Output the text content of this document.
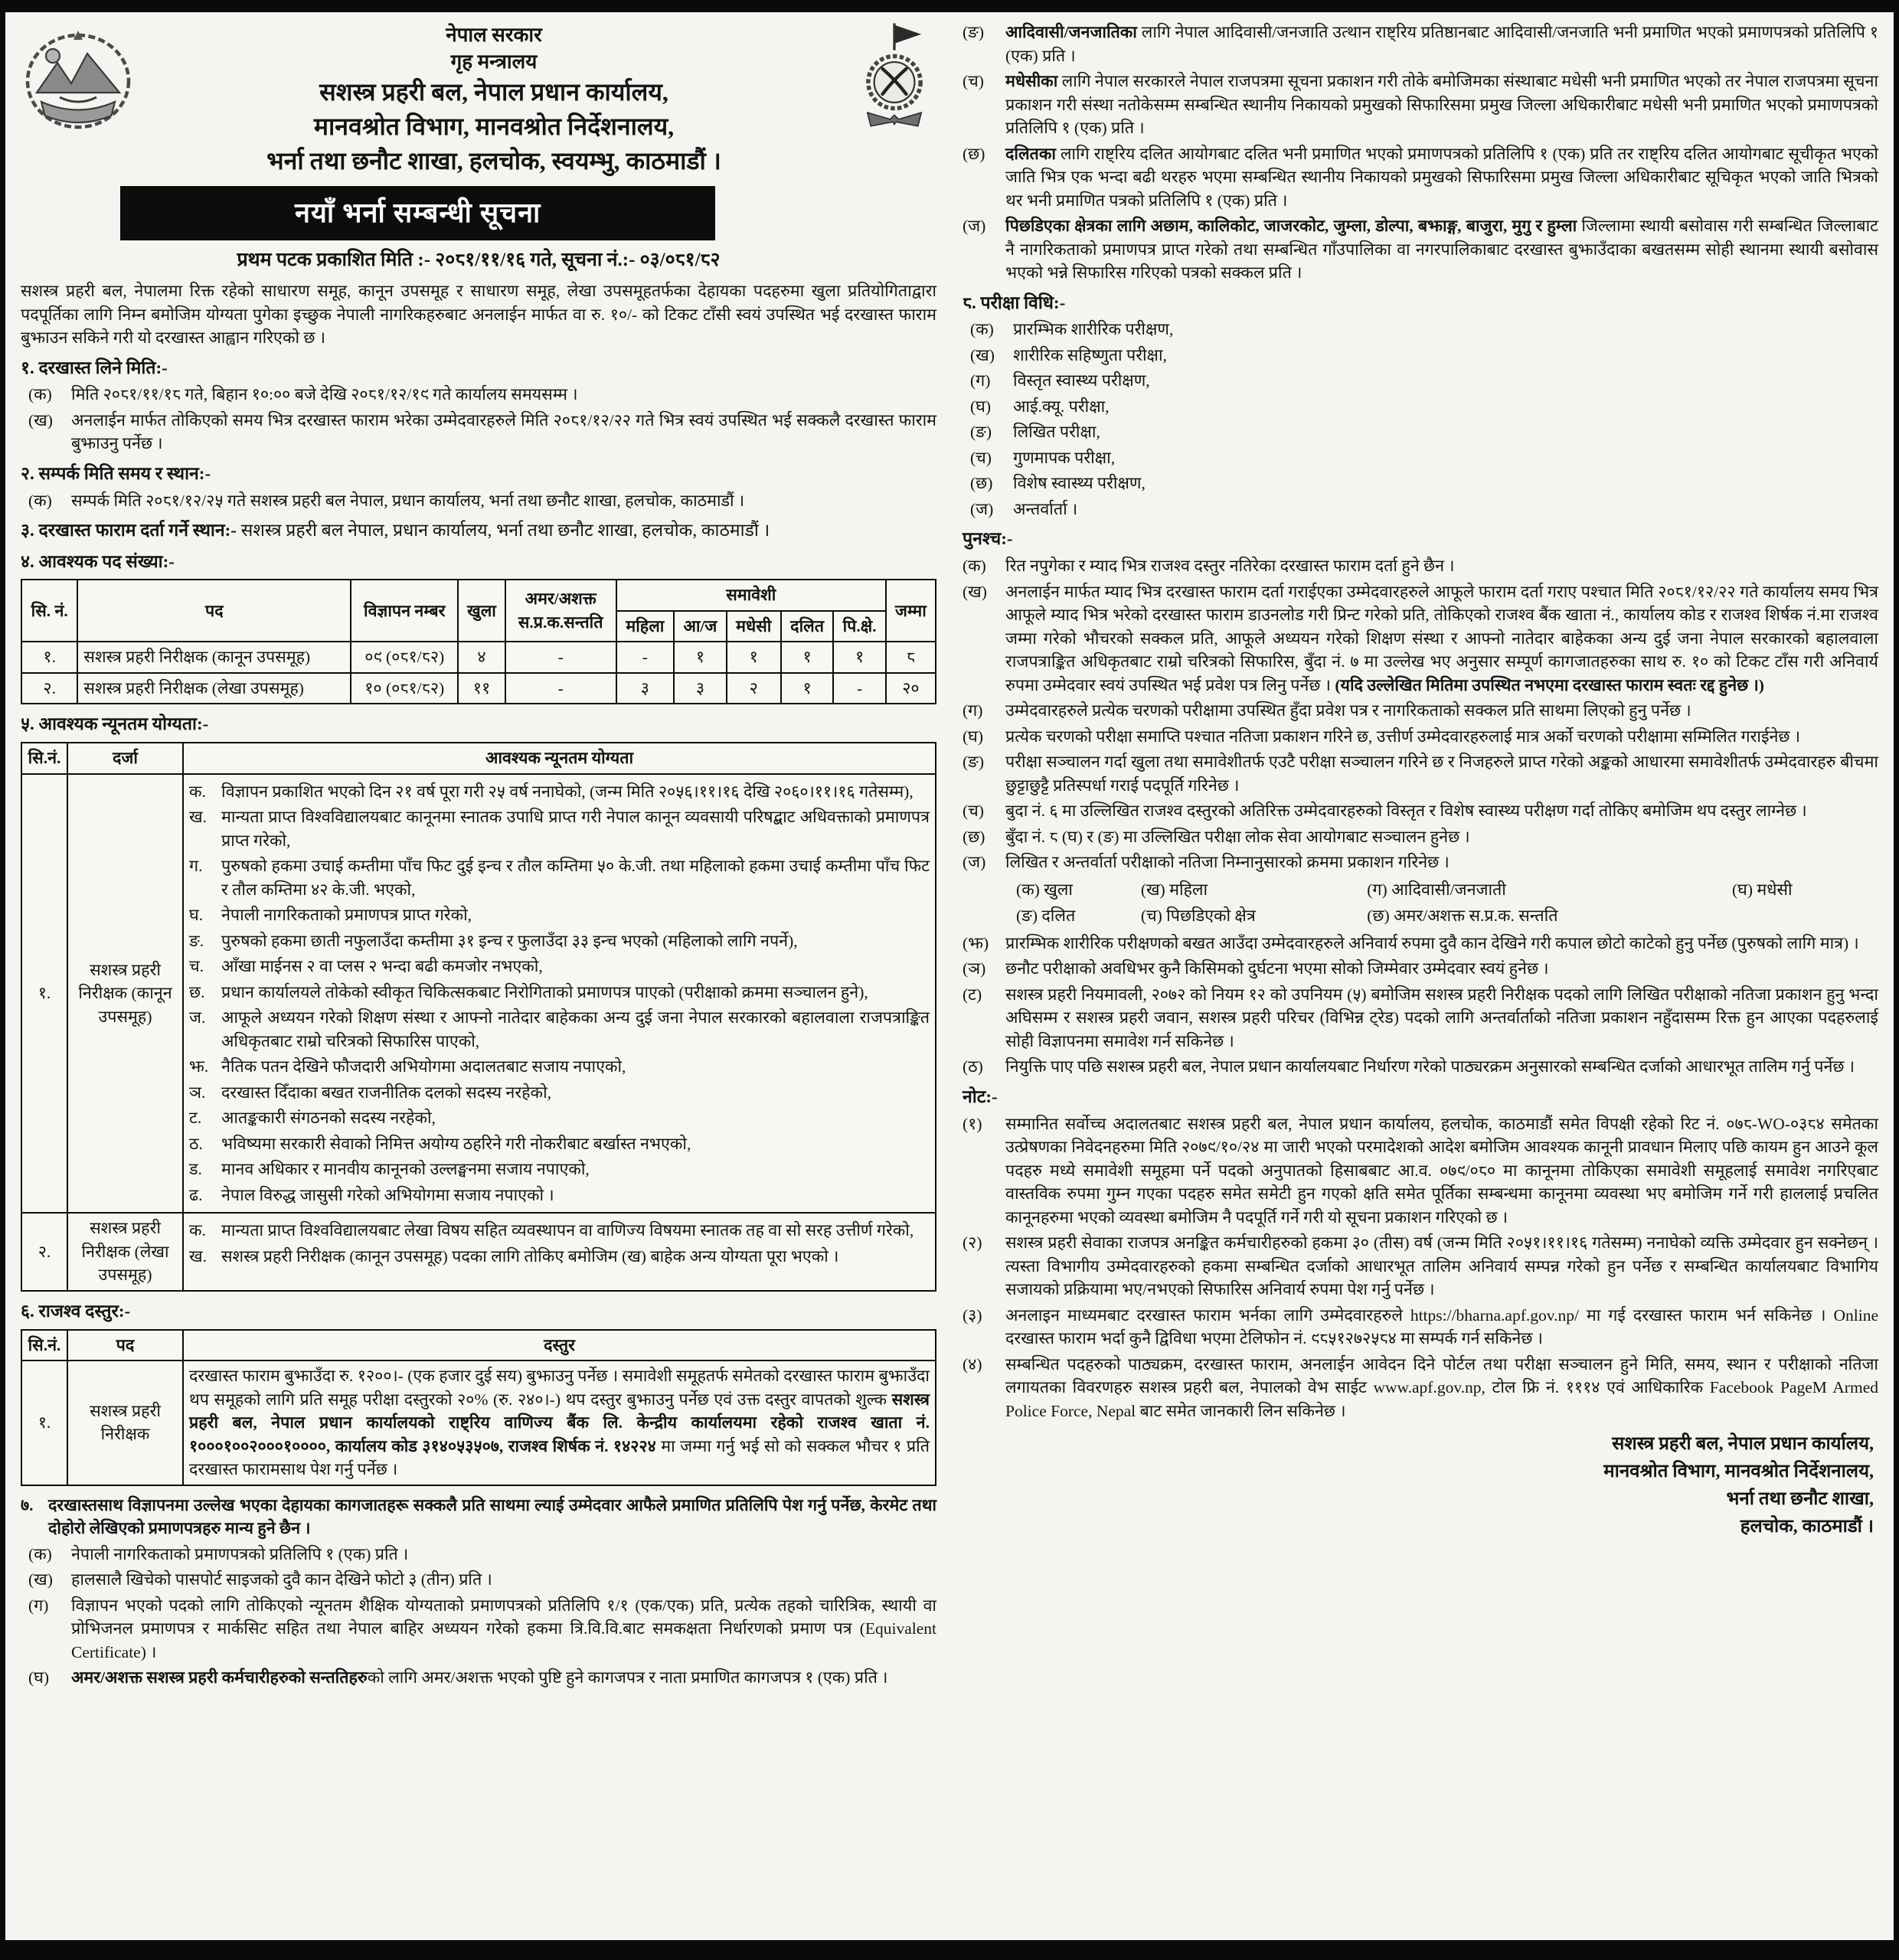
नेपाल सरकार
गृह मन्त्रालय
सशस्त्र प्रहरी बल, नेपाल प्रधान कार्यालय,
मानवश्रोत विभाग, मानवश्रोत निर्देशनालय,
भर्ना तथा छनौट शाखा, हलचोक, स्वयम्भु, काठमाडौं ।
नयाँ भर्ना सम्बन्धी सूचना
प्रथम पटक प्रकाशित मिति :- २०८१/११/१६ गते, सूचना नं.:- ०३/०८१/८२

सशस्त्र प्रहरी बल, नेपालमा रिक्त रहेको साधारण समूह, कानून उपसमूह र साधारण समूह, लेखा उपसमूहतर्फका देहायका पदहरुमा खुला प्रतियोगिताद्वारा पदपूर्तिका लागि निम्न बमोजिम योग्यता पुगेका इच्छुक नेपाली नागरिकहरुबाट अनलाईन मार्फत वा रु. १०/- को टिकट टाँसी स्वयं उपस्थित भई दरखास्त फाराम बुझाउन सकिने गरी यो दरखास्त आह्वान गरिएको छ ।

१. दरखास्त लिने मिति:-
(क)	मिति २०८१/११/१८ गते, बिहान १०:०० बजे देखि २०८१/१२/१९ गते कार्यालय समयसम्म ।
(ख)	अनलाईन मार्फत तोकिएको समय भित्र दरखास्त फाराम भरेका उम्मेदवारहरुले मिति २०८१/१२/२२ गते भित्र स्वयं उपस्थित भई सक्कलै दरखास्त फाराम बुझाउनु पर्नेछ ।
२. सम्पर्क मिति समय र स्थान:-
(क)	सम्पर्क मिति २०८१/१२/२५ गते सशस्त्र प्रहरी बल नेपाल, प्रधान कार्यालय, भर्ना तथा छनौट शाखा, हलचोक, काठमाडौं ।
३. दरखास्त फाराम दर्ता गर्ने स्थान:- सशस्त्र प्रहरी बल नेपाल, प्रधान कार्यालय, भर्ना तथा छनौट शाखा, हलचोक, काठमाडौं ।
४. आवश्यक पद संख्या:-
सि. नं.	पद	विज्ञापन नम्बर	खुला	अमर/अशक्त
स.प्र.क.सन्तति	समावेशी					जम्मा
					महिला	आ/ज	मधेसी	दलित	पि.क्षे.	
१.	सशस्त्र प्रहरी निरीक्षक (कानून उपसमूह)	०९ (०८१/८२)	४	-	-	१	१	१	१	८
२.	सशस्त्र प्रहरी निरीक्षक (लेखा उपसमूह)	१० (०८१/८२)	११	-	३	३	२	१	-	२०
५. आवश्यक न्यूनतम योग्यता:-
सि.नं.	दर्जा	आवश्यक न्यूनतम योग्यता
१.	सशस्त्र प्रहरी निरीक्षक (कानून उपसमूह)	
क. विज्ञापन प्रकाशित भएको दिन २१ वर्ष पूरा गरी २५ वर्ष ननाघेको, (जन्म मिति २०५६।११।१६ देखि २०६०।११।१६ गतेसम्म),
ख. मान्यता प्राप्त विश्वविद्यालयबाट कानूनमा स्नातक उपाधि प्राप्त गरी नेपाल कानून व्यवसायी परिषद्बाट अधिवक्ताको प्रमाणपत्र प्राप्त गरेको,
ग.	पुरुषको हकमा उचाई कम्तीमा पाँच फिट दुई इन्च र तौल कम्तिमा ५० के.जी. तथा महिलाको हकमा उचाई कम्तीमा पाँच फिट र तौल कम्तिमा ४२ के.जी. भएको,
घ.	नेपाली नागरिकताको प्रमाणपत्र प्राप्त गरेको,
ङ.	पुरुषको हकमा छाती नफुलाउँदा कम्तीमा ३१ इन्च र फुलाउँदा ३३ इन्च भएको (महिलाको लागि नपर्ने),
च.	आँखा माईनस २ वा प्लस २ भन्दा बढी कमजोर नभएको,
छ.	प्रधान कार्यालयले तोकेको स्वीकृत चिकित्सकबाट निरोगिताको प्रमाणपत्र पाएको (परीक्षाको क्रममा सञ्चालन हुने),
ज. आफूले अध्ययन गरेको शिक्षण संस्था र आफ्नो नातेदार बाहेकका अन्य दुई जना नेपाल सरकारको बहालवाला राजपत्राङ्कित अधिकृतबाट राम्रो चरित्रको सिफारिस पाएको,
झ. नैतिक पतन देखिने फौजदारी अभियोगमा अदालतबाट सजाय नपाएको,
ञ. दरखास्त दिँदाका बखत राजनीतिक दलको सदस्य नरहेको,
ट.	आतङ्ककारी संगठनको सदस्य नरहेको,
ठ.	भविष्यमा सरकारी सेवाको निमित्त अयोग्य ठहरिने गरी नोकरीबाट बर्खास्त नभएको,
ड.	मानव अधिकार र मानवीय कानूनको उल्लङ्घनमा सजाय नपाएको,
ढ.	नेपाल विरुद्ध जासुसी गरेको अभियोगमा सजाय नपाएको ।

२.	सशस्त्र प्रहरी निरीक्षक (लेखा उपसमूह)	क. मान्यता प्राप्त विश्वविद्यालयबाट लेखा विषय सहित व्यवस्थापन वा वाणिज्य विषयमा स्नातक तह वा सो सरह उत्तीर्ण गरेको,
ख. सशस्त्र प्रहरी निरीक्षक (कानून उपसमूह) पदका लागि तोकिए बमोजिम (ख) बाहेक अन्य योग्यता पूरा भएको ।
६. राजश्व दस्तुर:-
सि.नं.	पद	दस्तुर
१.	सशस्त्र प्रहरी निरीक्षक	दरखास्त फाराम बुझाउँदा रु. १२००।- (एक हजार दुई सय) बुझाउनु पर्नेछ । समावेशी समूहतर्फ समेतको दरखास्त फाराम बुझाउँदा थप समूहको लागि प्रति समूह परीक्षा दस्तुरको २०% (रु. २४०।-) थप दस्तुर बुझाउनु पर्नेछ एवं उक्त दस्तुर वापतको शुल्क सशस्त्र प्रहरी बल, नेपाल प्रधान कार्यालयको राष्ट्रिय वाणिज्य बैंक लि. केन्द्रीय कार्यालयमा रहेको राजश्व खाता नं. १०००१००२०००१००००, कार्यालय कोड ३१४०५३५०७, राजश्व शिर्षक नं. १४२२४ मा जम्मा गर्नु भई सो को सक्कल भौचर १ प्रति दरखास्त फारामसाथ पेश गर्नु पर्नेछ ।
७. दरखास्तसाथ विज्ञापनमा उल्लेख भएका देहायका कागजातहरू सक्कलै प्रति साथमा ल्याई उम्मेदवार आफैले प्रमाणित प्रतिलिपि पेश गर्नु पर्नेछ, केरमेट तथा दोहोरो लेखिएको प्रमाणपत्रहरु मान्य हुने छैन ।
(क)	नेपाली नागरिकताको प्रमाणपत्रको प्रतिलिपि १ (एक) प्रति ।
(ख)	हालसालै खिचेको पासपोर्ट साइजको दुवै कान देखिने फोटो ३ (तीन) प्रति ।
(ग)	विज्ञापन भएको पदको लागि तोकिएको न्यूनतम शैक्षिक योग्यताको प्रमाणपत्रको प्रतिलिपि १/१ (एक/एक) प्रति, प्रत्येक तहको चारित्रिक, स्थायी वा प्रोभिजनल प्रमाणपत्र र मार्कसिट सहित तथा नेपाल बाहिर अध्ययन गरेको हकमा त्रि.वि.वि.बाट समकक्षता निर्धारणको प्रमाण पत्र (Equivalent Certificate) ।
(घ)	अमर/अशक्त सशस्त्र प्रहरी कर्मचारीहरुको सन्ततिहरुको लागि अमर/अशक्त भएको पुष्टि हुने कागजपत्र र नाता प्रमाणित कागजपत्र १ (एक) प्रति ।
(ङ)	आदिवासी/जनजातिका लागि नेपाल आदिवासी/जनजाति उत्थान राष्ट्रिय प्रतिष्ठानबाट आदिवासी/जनजाति भनी प्रमाणित भएको प्रमाणपत्रको प्रतिलिपि १ (एक) प्रति ।
(च)	मधेसीका लागि नेपाल सरकारले नेपाल राजपत्रमा सूचना प्रकाशन गरी तोके बमोजिमका संस्थाबाट मधेसी भनी प्रमाणित भएको तर नेपाल राजपत्रमा सूचना प्रकाशन गरी संस्था नतोकेसम्म सम्बन्धित स्थानीय निकायको प्रमुखको सिफारिसमा प्रमुख जिल्ला अधिकारीबाट मधेसी भनी प्रमाणित भएको प्रमाणपत्रको प्रतिलिपि १ (एक) प्रति ।
(छ)	दलितका लागि राष्ट्रिय दलित आयोगबाट दलित भनी प्रमाणित भएको प्रमाणपत्रको प्रतिलिपि १ (एक) प्रति तर राष्ट्रिय दलित आयोगबाट सूचीकृत भएको जाति भित्र एक भन्दा बढी थरहरु भएमा सम्बन्धित स्थानीय निकायको प्रमुखको सिफारिसमा प्रमुख जिल्ला अधिकारीबाट सूचिकृत भएको जाति भित्रको थर भनी प्रमाणित पत्रको प्रतिलिपि १ (एक) प्रति ।
(ज)	पिछडिएका क्षेत्रका लागि अछाम, कालिकोट, जाजरकोट, जुम्ला, डोल्पा, बझाङ्ग, बाजुरा, मुगु र हुम्ला जिल्लामा स्थायी बसोवास गरी सम्बन्धित जिल्लाबाट नै नागरिकताको प्रमाणपत्र प्राप्त गरेको तथा सम्बन्धित गाँउपालिका वा नगरपालिकाबाट दरखास्त बुझाउँदाका बखतसम्म सोही स्थानमा स्थायी बसोवास भएको भन्ने सिफारिस गरिएको पत्रको सक्कल प्रति ।
८. परीक्षा विधि:-
(क)	प्रारम्भिक शारीरिक परीक्षण,
(ख)	शारीरिक सहिष्णुता परीक्षा,
(ग)	विस्तृत स्वास्थ्य परीक्षण,
(घ)	आई.क्यू. परीक्षा,
(ङ)	लिखित परीक्षा,
(च)	गुणमापक परीक्षा,
(छ)	विशेष स्वास्थ्य परीक्षण,
(ज)	अन्तर्वार्ता ।
पुनश्च:-
(क)	रित नपुगेका र म्याद भित्र राजश्व दस्तुर नतिरेका दरखास्त फाराम दर्ता हुने छैन ।
(ख)	अनलाईन मार्फत म्याद भित्र दरखास्त फाराम दर्ता गराईएका उम्मेदवारहरुले आफूले फाराम दर्ता गराए पश्चात मिति २०८१/१२/२२ गते कार्यालय समय भित्र आफूले म्याद भित्र भरेको दरखास्त फाराम डाउनलोड गरी प्रिन्ट गरेको प्रति, तोकिएको राजश्व बैंक खाता नं., कार्यालय कोड र राजश्व शिर्षक नं.मा राजश्व जम्मा गरेको भौचरको सक्कल प्रति, आफूले अध्ययन गरेको शिक्षण संस्था र आफ्नो नातेदार बाहेकका अन्य दुई जना नेपाल सरकारको बहालवाला राजपत्राङ्कित अधिकृतबाट राम्रो चरित्रको सिफारिस, बुँदा नं. ७ मा उल्लेख भए अनुसार सम्पूर्ण कागजातहरुका साथ रु. १० को टिकट टाँस गरी अनिवार्य रुपमा उम्मेदवार स्वयं उपस्थित भई प्रवेश पत्र लिनु पर्नेछ । (यदि उल्लेखित मितिमा उपस्थित नभएमा दरखास्त फाराम स्वतः रद्द हुनेछ ।)
(ग)	उम्मेदवारहरुले प्रत्येक चरणको परीक्षामा उपस्थित हुँदा प्रवेश पत्र र नागरिकताको सक्कल प्रति साथमा लिएको हुनु पर्नेछ ।
(घ)	प्रत्येक चरणको परीक्षा समाप्ति पश्चात नतिजा प्रकाशन गरिने छ, उत्तीर्ण उम्मेदवारहरुलाई मात्र अर्को चरणको परीक्षामा सम्मिलित गराईनेछ ।
(ङ)	परीक्षा सञ्चालन गर्दा खुला तथा समावेशीतर्फ एउटै परीक्षा सञ्चालन गरिने छ र निजहरुले प्राप्त गरेको अङ्कको आधारमा समावेशीतर्फ उम्मेदवारहरु बीचमा छुट्टाछुट्टै प्रतिस्पर्धा गराई पदपूर्ति गरिनेछ ।
(च)	बुदा नं. ६ मा उल्लिखित राजश्व दस्तुरको अतिरिक्त उम्मेदवारहरुको विस्तृत र विशेष स्वास्थ्य परीक्षण गर्दा तोकिए बमोजिम थप दस्तुर लाग्नेछ ।
(छ)	बुँदा नं. ८ (घ) र (ङ) मा उल्लिखित परीक्षा लोक सेवा आयोगबाट सञ्चालन हुनेछ ।
(ज)	लिखित र अन्तर्वार्ता परीक्षाको नतिजा निम्नानुसारको क्रममा प्रकाशन गरिनेछ ।
(क) खुला	(ख) महिला	(ग) आदिवासी/जनजाती	(घ) मधेसी
(ङ) दलित	(च) पिछडिएको क्षेत्र	(छ) अमर/अशक्त स.प्र.क. सन्तति	
(झ)	प्रारम्भिक शारीरिक परीक्षणको बखत आउँदा उम्मेदवारहरुले अनिवार्य रुपमा दुवै कान देखिने गरी कपाल छोटो काटेको हुनु पर्नेछ (पुरुषको लागि मात्र) ।
(ञ)	छनौट परीक्षाको अवधिभर कुनै किसिमको दुर्घटना भएमा सोको जिम्मेवार उम्मेदवार स्वयं हुनेछ ।
(ट)	सशस्त्र प्रहरी नियमावली, २०७२ को नियम १२ को उपनियम (५) बमोजिम सशस्त्र प्रहरी निरीक्षक पदको लागि लिखित परीक्षाको नतिजा प्रकाशन हुनु भन्दा अघिसम्म र सशस्त्र प्रहरी जवान, सशस्त्र प्रहरी परिचर (विभिन्न ट्रेड) पदको लागि अन्तर्वार्ताको नतिजा प्रकाशन नहुँदासम्म रिक्त हुन आएका पदहरुलाई सोही विज्ञापनमा समावेश गर्न सकिनेछ ।
(ठ)	नियुक्ति पाए पछि सशस्त्र प्रहरी बल, नेपाल प्रधान कार्यालयबाट निर्धारण गरेको पाठ्यरक्रम अनुसारको सम्बन्धित दर्जाको आधारभूत तालिम गर्नु पर्नेछ ।
नोट:-
(१)	सम्मानित सर्वोच्च अदालतबाट सशस्त्र प्रहरी बल, नेपाल प्रधान कार्यालय, हलचोक, काठमाडौं समेत विपक्षी रहेको रिट नं. ०७८-WO-०३८४ समेतका उत्प्रेषणका निवेदनहरुमा मिति २०७९/१०/२४ मा जारी भएको परमादेशको आदेश बमोजिम आवश्यक कानूनी प्रावधान मिलाए पछि कायम हुन आउने कूल पदहरु मध्ये समावेशी समूहमा पर्ने पदको अनुपातको हिसाबबाट आ.व. ०७९/०८० मा कानूनमा तोकिएका समावेशी समूहलाई समावेश नगरिएबाट वास्तविक रुपमा गुम्न गएका पदहरु समेत समेटी हुन गएको क्षति समेत पूर्तिका सम्बन्धमा कानूनमा व्यवस्था भए बमोजिम गर्ने गरी हाललाई प्रचलित कानूनहरुमा भएको व्यवस्था बमोजिम नै पदपूर्ति गर्ने गरी यो सूचना प्रकाशन गरिएको छ ।
(२)	सशस्त्र प्रहरी सेवाका राजपत्र अनङ्कित कर्मचारीहरुको हकमा ३० (तीस) वर्ष (जन्म मिति २०५१।११।१६ गतेसम्म) ननाघेको व्यक्ति उम्मेदवार हुन सक्नेछन् । त्यस्ता विभागीय उम्मेदवारहरुको हकमा सम्बन्धित दर्जाको आधारभूत तालिम अनिवार्य सम्पन्न गरेको हुन पर्नेछ र सम्बन्धित कार्यालयबाट विभागिय सजायको प्रक्रियामा भए/नभएको सिफारिस अनिवार्य रुपमा पेश गर्नु पर्नेछ ।
(३)	अनलाइन माध्यमबाट दरखास्त फाराम भर्नका लागि उम्मेदवारहरुले https://bharna.apf.gov.np/ मा गई दरखास्त फाराम भर्न सकिनेछ । Online दरखास्त फाराम भर्दा कुनै द्विविधा भएमा टेलिफोन नं. ९८५१२७२५८४ मा सम्पर्क गर्न सकिनेछ ।
(४)	सम्बन्धित पदहरुको पाठ्यक्रम, दरखास्त फाराम, अनलाईन आवेदन दिने पोर्टल तथा परीक्षा सञ्चालन हुने मिति, समय, स्थान र परीक्षाको नतिजा लगायतका विवरणहरु सशस्त्र प्रहरी बल, नेपालको वेभ साईट www.apf.gov.np, टोल फ्रि नं. १११४ एवं आधिकारिक Facebook PageM Armed Police Force, Nepal बाट समेत जानकारी लिन सकिनेछ ।
सशस्त्र प्रहरी बल, नेपाल प्रधान कार्यालय,
मानवश्रोत विभाग, मानवश्रोत निर्देशनालय,
भर्ना तथा छनौट शाखा,
हलचोक, काठमाडौं ।
